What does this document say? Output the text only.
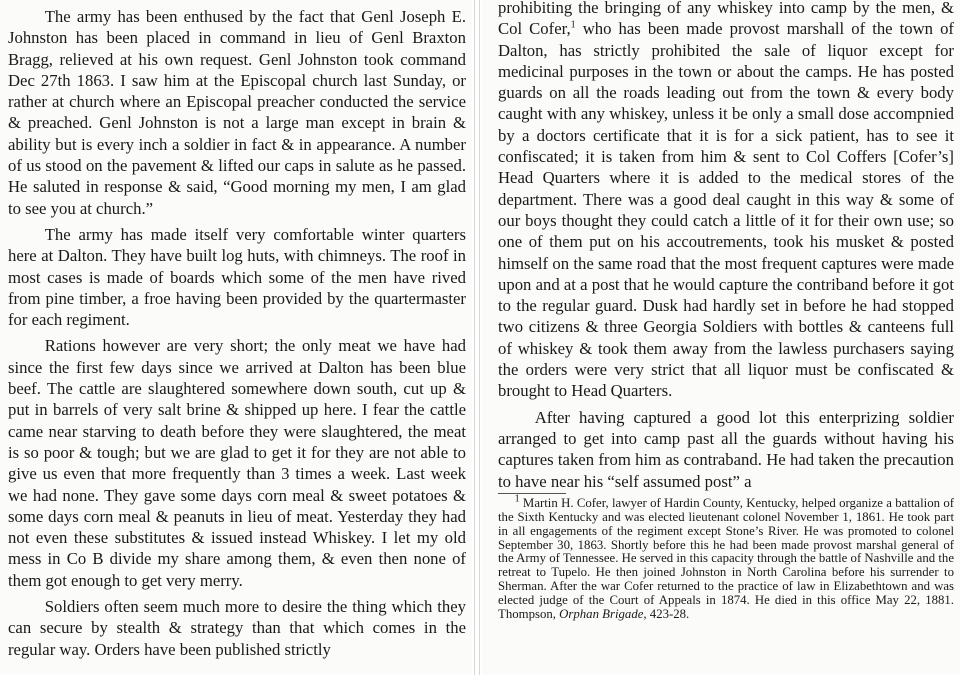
The army has been enthused by the fact that Genl Joseph E. Johnston has been placed in command in lieu of Genl Braxton Bragg, relieved at his own request. Genl Johnston took command Dec 27th 1863. I saw him at the Episcopal church last Sunday, or rather at church where an Episcopal preacher conducted the service & preached. Genl Johnston is not a large man except in brain & ability but is every inch a soldier in fact & in appearance. A number of us stood on the pavement & lifted our caps in salute as he passed. He saluted in response & said, “Good morning my men, I am glad to see you at church.”

The army has made itself very comfortable winter quarters here at Dalton. They have built log huts, with chimneys. The roof in most cases is made of boards which some of the men have rived from pine timber, a froe having been provided by the quartermaster for each regiment.

Rations however are very short; the only meat we have had since the first few days since we arrived at Dalton has been blue beef. The cattle are slaughtered somewhere down south, cut up & put in barrels of very salt brine & shipped up here. I fear the cattle came near starving to death before they were slaughtered, the meat is so poor & tough; but we are glad to get it for they are not able to give us even that more frequently than 3 times a week. Last week we had none. They gave some days corn meal & sweet potatoes & some days corn meal & peanuts in lieu of meat. Yesterday they had not even these substitutes & issued instead Whiskey. I let my old mess in Co B divide my share among them, & even then none of them got enough to get very merry.

Soldiers often seem much more to desire the thing which they can secure by stealth & strategy than that which comes in the regular way. Orders have been published strictly

prohibiting the bringing of any whiskey into camp by the men, & Col Cofer,$^1$ who has been made provost marshall of the town of Dalton, has strictly prohibited the sale of liquor except for medicinal purposes in the town or about the camps. He has posted guards on all the roads leading out from the town & every body caught with any whiskey, unless it be only a small dose accompnied by a doctors certificate that it is for a sick patient, has to see it confiscated; it is taken from him & sent to Col Coffers [Cofer’s] Head Quarters where it is added to the medical stores of the department. There was a good deal caught in this way & some of our boys thought they could catch a little of it for their own use; so one of them put on his accoutrements, took his musket & posted himself on the same road that the most frequent captures were made upon and at a post that he would capture the contriband before it got to the regular guard. Dusk had hardly set in before he had stopped two citizens & three Georgia Soldiers with bottles & canteens full of whiskey & took them away from the lawless purchasers saying the orders were very strict that all liquor must be confiscated & brought to Head Quarters.

After having captured a good lot this enterprizing soldier arranged to get into camp past all the guards without having his captures taken from him as contraband. He had taken the precaution to have near his “self assumed post” a

$^1$ Martin H. Cofer, lawyer of Hardin County, Kentucky, helped organize a battalion of the Sixth Kentucky and was elected lieutenant colonel November 1, 1861. He took part in all engagements of the regiment except Stone’s River. He was promoted to colonel September 30, 1863. Shortly before this he had been made provost marshal general of the Army of Tennessee. He served in this capacity through the battle of Nashville and the retreat to Tupelo. He then joined Johnston in North Carolina before his surrender to Sherman. After the war Cofer returned to the practice of law in Elizabethtown and was elected judge of the Court of Appeals in 1874. He died in this office May 22, 1881. Thompson, Orphan Brigade, 423-28.
